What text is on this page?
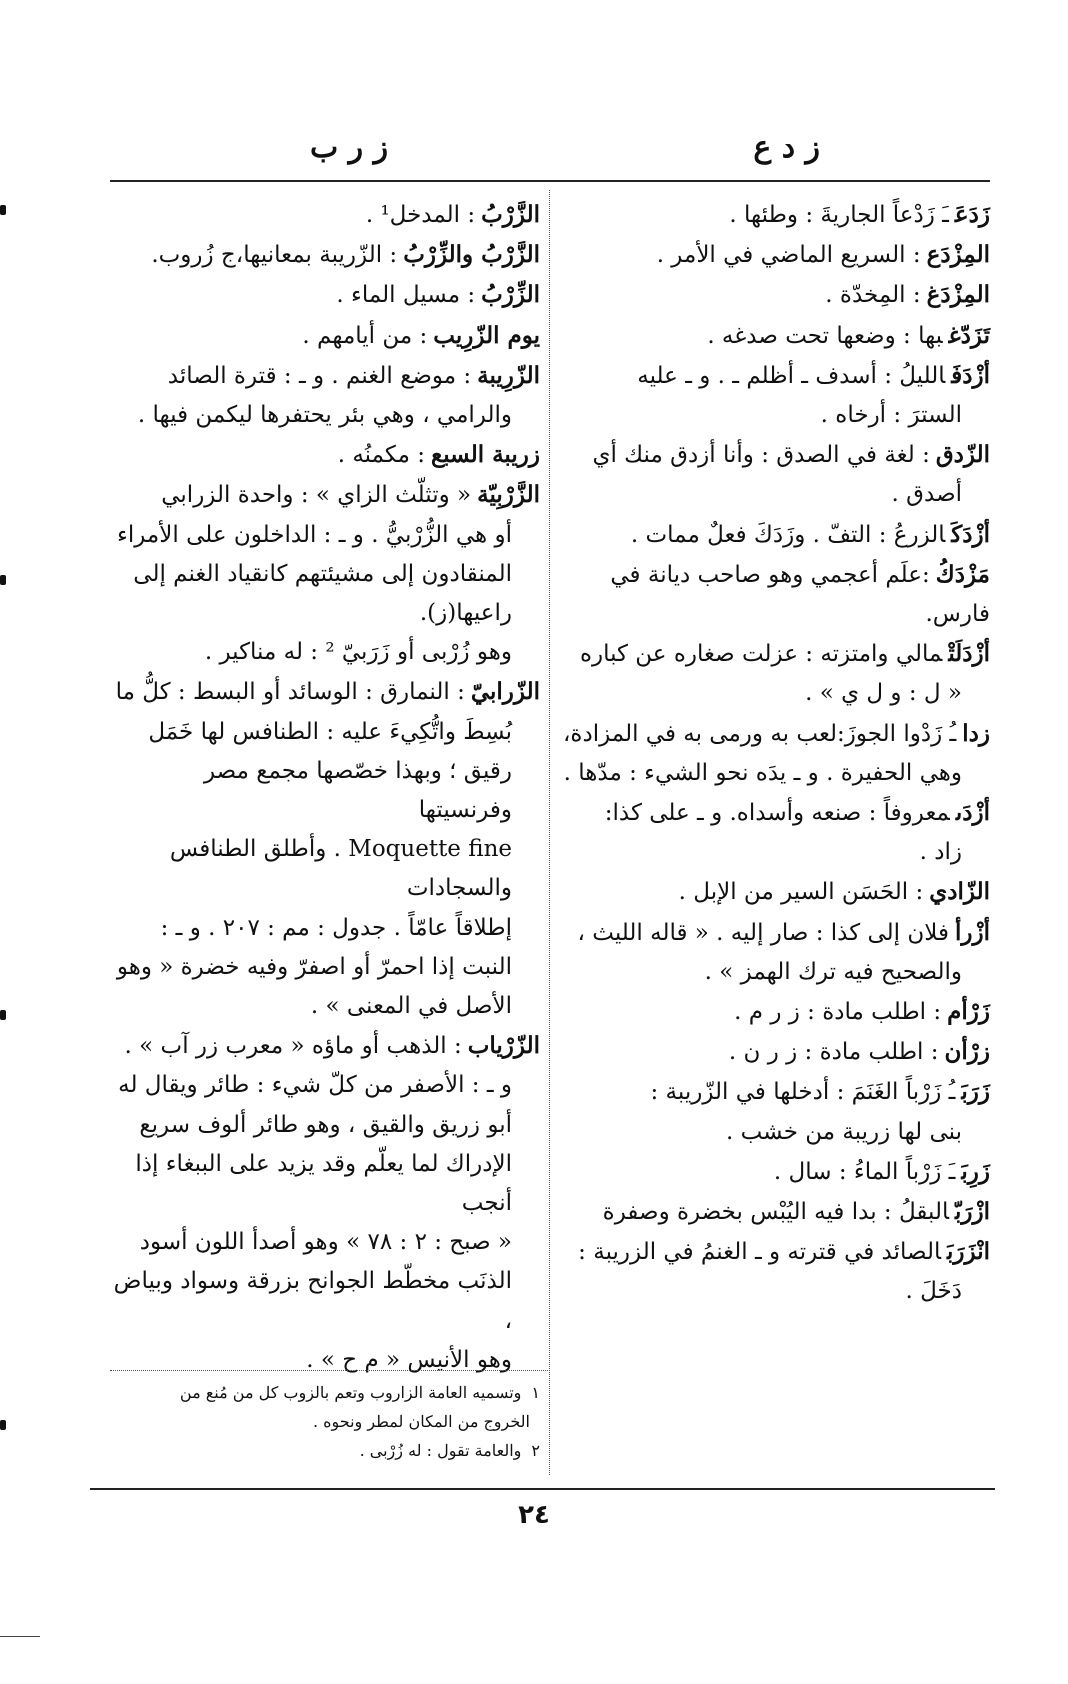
ز د ع
ز ر ب

زَدَعَـَ زَدْعاً الجاريةَ : وطئها .

المِزْدَع: السريع الماضي في الأمر .

المِزْدَغ: المِخدّة .

تَزَدّغبها : وضعها تحت صدغه .

أزْدَفَالليلُ : أسدف ـ أظلم ـ . و ـ عليه

السترَ : أرخاه .

الزّدق: لغة في الصدق : وأنا أزدق منك أي

أصدق .

أزْدَكَالزرعُ : التفّ . وزَدَكَ فعلٌ ممات .

مَزْدَكُ:علَم أعجمي وهو صاحب ديانة في فارس.

أزْدَلَتْمالي وامتزته : عزلت صغاره عن كباره

« ل : و ل ي » .

زداـُ زَدْوا الجوزَ:لعب به ورمى به في المزادة،

وهي الحفيرة . و ـ يدَه نحو الشيء : مدّها .

أزْدَىمعروفاً : صنعه وأسداه. و ـ على كذا:

زاد .

الزّادي: الحَسَن السير من الإبل .

أزْرأفلان إلى كذا : صار إليه . « قاله الليث ،

والصحيح فيه ترك الهمز » .

زَرْأم: اطلب مادة : ز ر م .

زرْأن: اطلب مادة : ز ر ن .

زَرَبَـُ زَرْباً الغَنَمَ : أدخلها في الزّريبة :

بنى لها زريبة من خشب .

زَرِبَـَ زَرْباً الماءُ : سال .

ازْرَبّالبقلُ : بدا فيه اليُبْس بخضرة وصفرة

انْزَرَبَالصائد في قترته و ـ الغنمُ في الزريبة :

دَخَلَ .

الزَّرْبُ: المدخل¹ .

الزَّرْبُ والزِّرْبُ: الزّريبة بمعانيها،ج زُروب.

الزِّرْبُ: مسيل الماء .

يوم الزّرِيب: من أيامهم .

الزّرِيبة: موضع الغنم . و ـ : قترة الصائد

والرامي ، وهي بئر يحتفرها ليكمن فيها .

زريبة السبع: مكمنُه .

الزَّرْبِيّة« وتثلّث الزاي » : واحدة الزرابي

أو هي الزُّرْبيُّ . و ـ : الداخلون على الأمراء

المنقادون إلى مشيئتهم كانقياد الغنم إلى راعيها(ز).

وهو زُرْبى أو زَرَبيّ ² : له مناكير .

الزّرابيّ: النمارق : الوسائد أو البسط : كلُّ ما

بُسِطَ واتُّكِيءَ عليه : الطنافس لها خَمَل

رقيق ؛ وبهذا خصّصها مجمع مصر وفرنسيتها

Moquette fine . وأطلق الطنافس والسجادات

إطلاقاً عامّاً . جدول : مم : ٢٠٧ . و ـ :

النبت إذا احمرّ أو اصفرّ وفيه خضرة « وهو

الأصل في المعنى » .

الزّرْياب: الذهب أو ماؤه « معرب زر آب » .

و ـ : الأصفر من كلّ شيء : طائر ويقال له

أبو زريق والقيق ، وهو طائر ألوف سريع

الإدراك لما يعلّم وقد يزيد على الببغاء إذا أنجب

« صبح : ٢ : ٧٨ » وهو أصدأ اللون أسود

الذنَب مخطّط الجوانح بزرقة وسواد وبياض ،

وهو الأنيس « م ح » .

١وتسميه العامة الزاروب وتعم بالزوب كل من مُنع من
الخروج من المكان لمطر ونحوه .
٢والعامة تقول : له زُرْبى .
٢٤
